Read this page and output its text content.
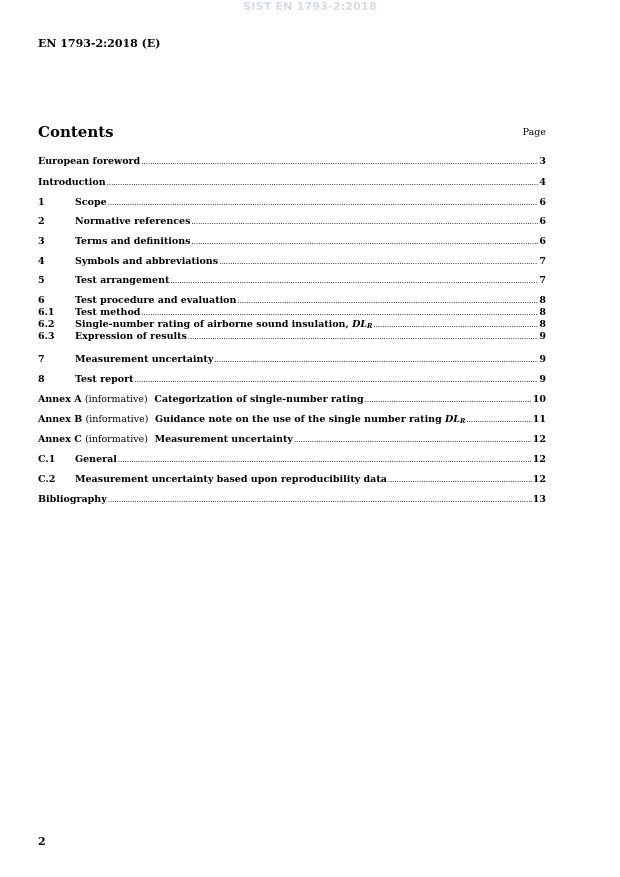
SIST EN 1793-2:2018
EN 1793-2:2018 (E)
Contents	Page
European foreword .....	3
Introduction .....	4
1	Scope .....	6
2	Normative references .....	6
3	Terms and definitions .....	6
4	Symbols and abbreviations .....	7
5	Test arrangement .....	7
6	Test procedure and evaluation .....	8
6.1	Test method .....	8
6.2	Single-number rating of airborne sound insulation, $DL_R$ .....	8
6.3	Expression of results .....	9
7	Measurement uncertainty .....	9
8	Test report .....	9
Annex A (informative) Categorization of single-number rating .....	10
Annex B (informative) Guidance note on the use of the single number rating $DL_R$ .....	11
Annex C (informative) Measurement uncertainty .....	12
C.1	General .....	12
C.2	Measurement uncertainty based upon reproducibility data .....	12
Bibliography .....	13
2
